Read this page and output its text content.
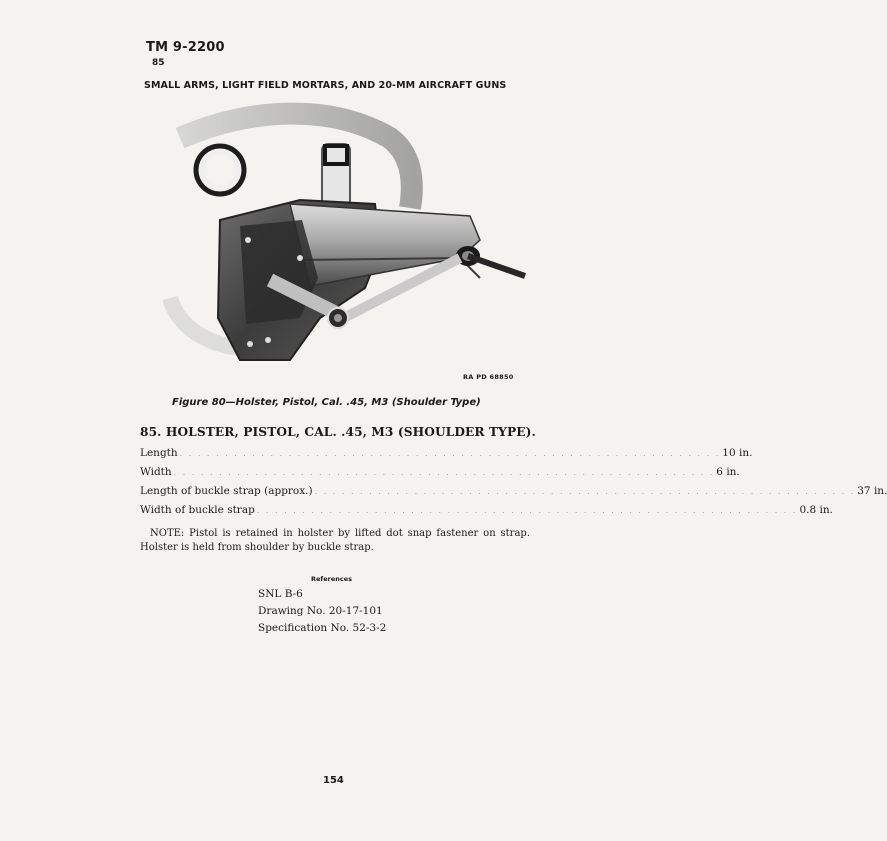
TM 9-2200
85
SMALL ARMS, LIGHT FIELD MORTARS, AND 20-MM AIRCRAFT GUNS
RA PD 68850
Figure 80—Holster, Pistol, Cal. .45, M3 (Shoulder Type)
85. HOLSTER, PISTOL, CAL. .45, M3 (SHOULDER TYPE).
Length . . . . . . . . . . . . . . . . . . . . . . . . . . . . . . . . . . . . . . . . . . . . . . . . . . . . . . . . . . . . 10 in.
Width . . . . . . . . . . . . . . . . . . . . . . . . . . . . . . . . . . . . . . . . . . . . . . . . . . . . . . . . . . . . 6 in.
Length of buckle strap (approx.) . . . . . . . . . . . . . . . . . . . . . . . . . . . . . . . . . . . . . . . . . . . . . . . . . . . . . . . . . . . . 37 in.
Width of buckle strap . . . . . . . . . . . . . . . . . . . . . . . . . . . . . . . . . . . . . . . . . . . . . . . . . . . . . . . . . . . . 0.8 in.
NOTE: Pistol is retained in holster by lifted dot snap fastener on strap. Holster is held from shoulder by buckle strap.
References
SNL B-6
Drawing No. 20-17-101
Specification No. 52-3-2
154
